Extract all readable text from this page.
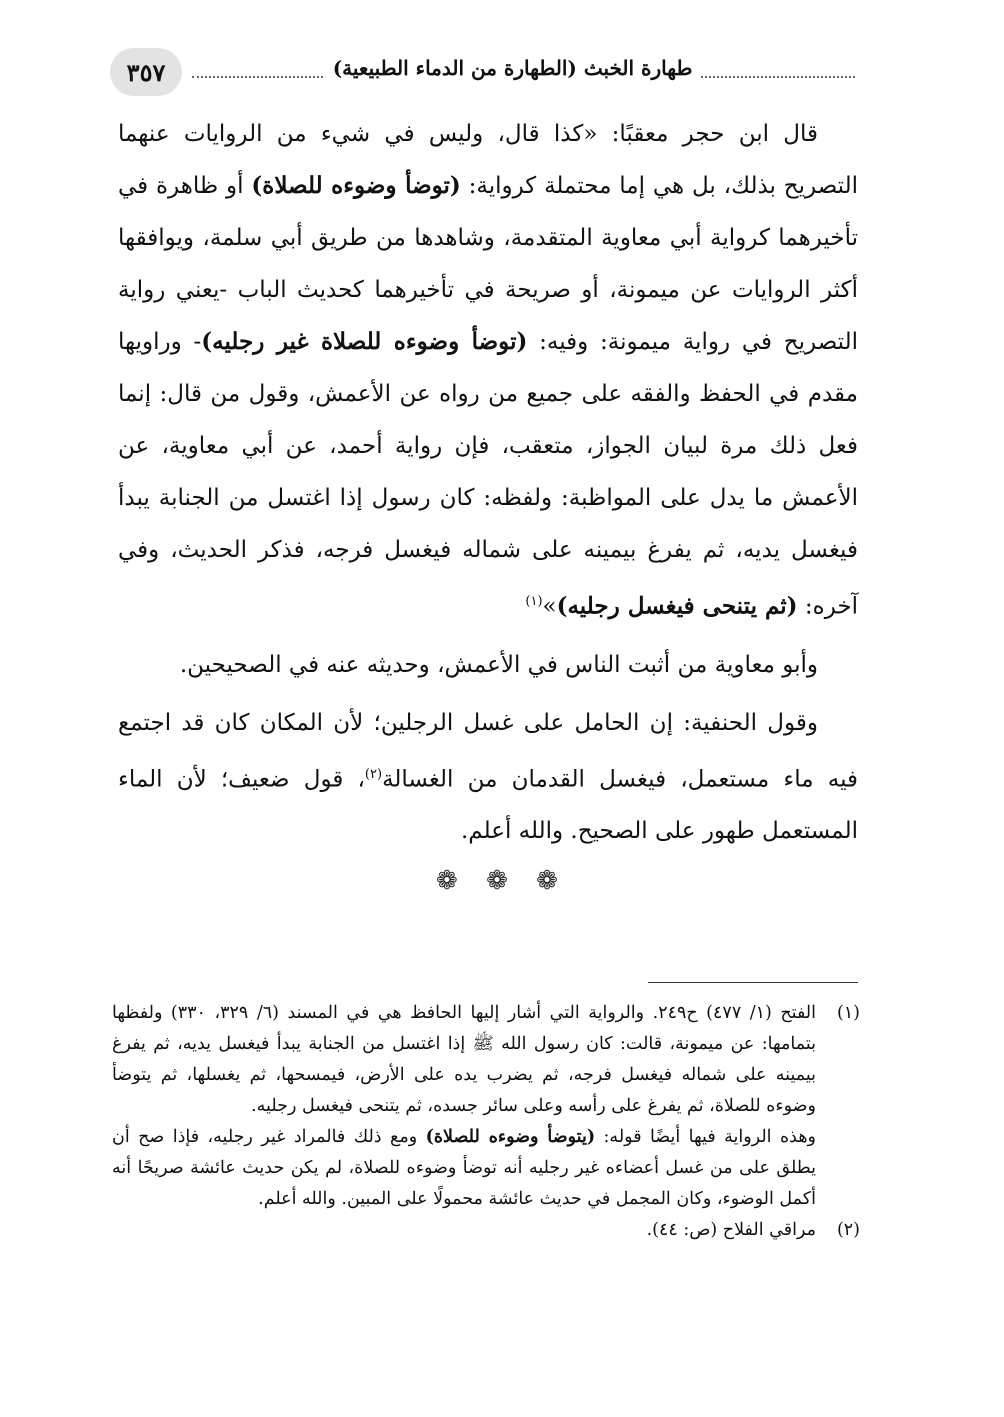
٣٥٧	طهارة الخبث (الطهارة من الدماء الطبيعية)

قال ابن حجر معقبًا: «كذا قال، وليس في شيء من الروايات عنهما التصريح بذلك، بل هي إما محتملة كرواية: (توضأ وضوءه للصلاة) أو ظاهرة في تأخيرهما كرواية أبي معاوية المتقدمة، وشاهدها من طريق أبي سلمة، ويوافقها أكثر الروايات عن ميمونة، أو صريحة في تأخيرهما كحديث الباب -يعني رواية التصريح في رواية ميمونة: وفيه: (توضأ وضوءه للصلاة غير رجليه)- وراويها مقدم في الحفظ والفقه على جميع من رواه عن الأعمش، وقول من قال: إنما فعل ذلك مرة لبيان الجواز، متعقب، فإن رواية أحمد، عن أبي معاوية، عن الأعمش ما يدل على المواظبة: ولفظه: كان رسول إذا اغتسل من الجنابة يبدأ فيغسل يديه، ثم يفرغ بيمينه على شماله فيغسل فرجه، فذكر الحديث، وفي آخره: (ثم يتنحى فيغسل رجليه)»$^{(١)}$

وأبو معاوية من أثبت الناس في الأعمش، وحديثه عنه في الصحيحين.

وقول الحنفية: إن الحامل على غسل الرجلين؛ لأن المكان كان قد اجتمع فيه ماء مستعمل، فيغسل القدمان من الغسالة$^{(٢)}$، قول ضعيف؛ لأن الماء المستعمل طهور على الصحيح. والله أعلم.

❁ ❁ ❁
(١)

الفتح (١/ ٤٧٧) ح٢٤٩. والرواية التي أشار إليها الحافظ هي في المسند (٦/ ٣٢٩، ٣٣٠) ولفظها بتمامها: عن ميمونة، قالت: كان رسول الله ﷺ إذا اغتسل من الجنابة يبدأ فيغسل يديه، ثم يفرغ بيمينه على شماله فيغسل فرجه، ثم يضرب يده على الأرض، فيمسحها، ثم يغسلها، ثم يتوضأ وضوءه للصلاة، ثم يفرغ على رأسه وعلى سائر جسده، ثم يتنحى فيغسل رجليه.

وهذه الرواية فيها أيضًا قوله: (يتوضأ وضوءه للصلاة) ومع ذلك فالمراد غير رجليه، فإذا صح أن يطلق على من غسل أعضاءه غير رجليه أنه توضأ وضوءه للصلاة، لم يكن حديث عائشة صريحًا أنه أكمل الوضوء، وكان المجمل في حديث عائشة محمولًا على المبين. والله أعلم.

(٢)

مراقي الفلاح (ص: ٤٤).
